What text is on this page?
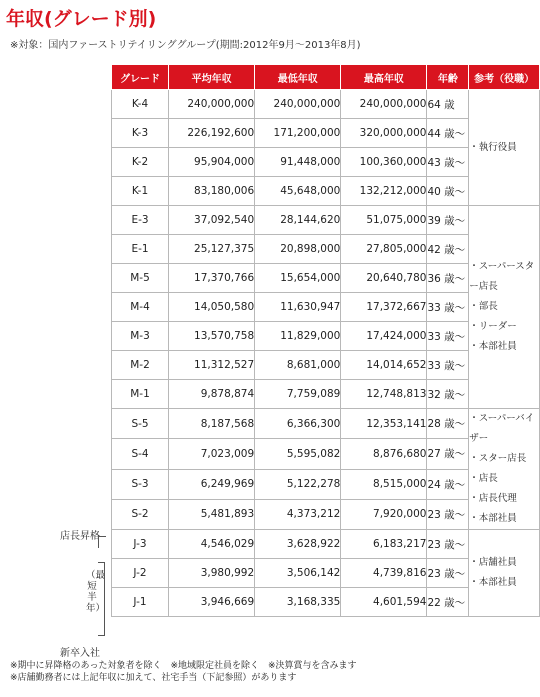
年収(グレード別)
※対象：国内ファーストリテイリンググループ(期間:2012年9月～2013年8月)
グレード	平均年収	最低年収	最高年収	年齢	参考（役職）
K-4	240,000,000	240,000,000	240,000,000	64 歳	・執行役員

K-3	226,192,600	171,200,000	320,000,000	44 歳～	
K-2	95,904,000	91,448,000	100,360,000	43 歳～	
K-1	83,180,006	45,648,000	132,212,000	40 歳～	
E-3	37,092,540	28,144,620	51,075,000	39 歳～	・スーパースター店長
・部長
・リーダー
・本部社員

E-1	25,127,375	20,898,000	27,805,000	42 歳～	
M-5	17,370,766	15,654,000	20,640,780	36 歳～	
M-4	14,050,580	11,630,947	17,372,667	33 歳～	
M-3	13,570,758	11,829,000	17,424,000	33 歳～	
M-2	11,312,527	8,681,000	14,014,652	33 歳～	
M-1	9,878,874	7,759,089	12,748,813	32 歳～	
S-5	8,187,568	6,366,300	12,353,141	28 歳～	・スーパーバイザー
・スター店長
・店長
・店長代理
・本部社員

S-4	7,023,009	5,595,082	8,876,680	27 歳～	
S-3	6,249,969	5,122,278	8,515,000	24 歳～	
S-2	5,481,893	4,373,212	7,920,000	23 歳～	
J-3	4,546,029	3,628,922	6,183,217	23 歳～	・店舗社員
・本部社員

J-2	3,980,992	3,506,142	4,739,816	23 歳～	
J-1	3,946,669	3,168,335	4,601,594	22 歳～	
店長昇格
（最短半年）
新卒入社
※期中に昇降格のあった対象者を除く　※地域限定社員を除く　※決算賞与を含みます
※店舗勤務者には上記年収に加えて、社宅手当（下記参照）があります
